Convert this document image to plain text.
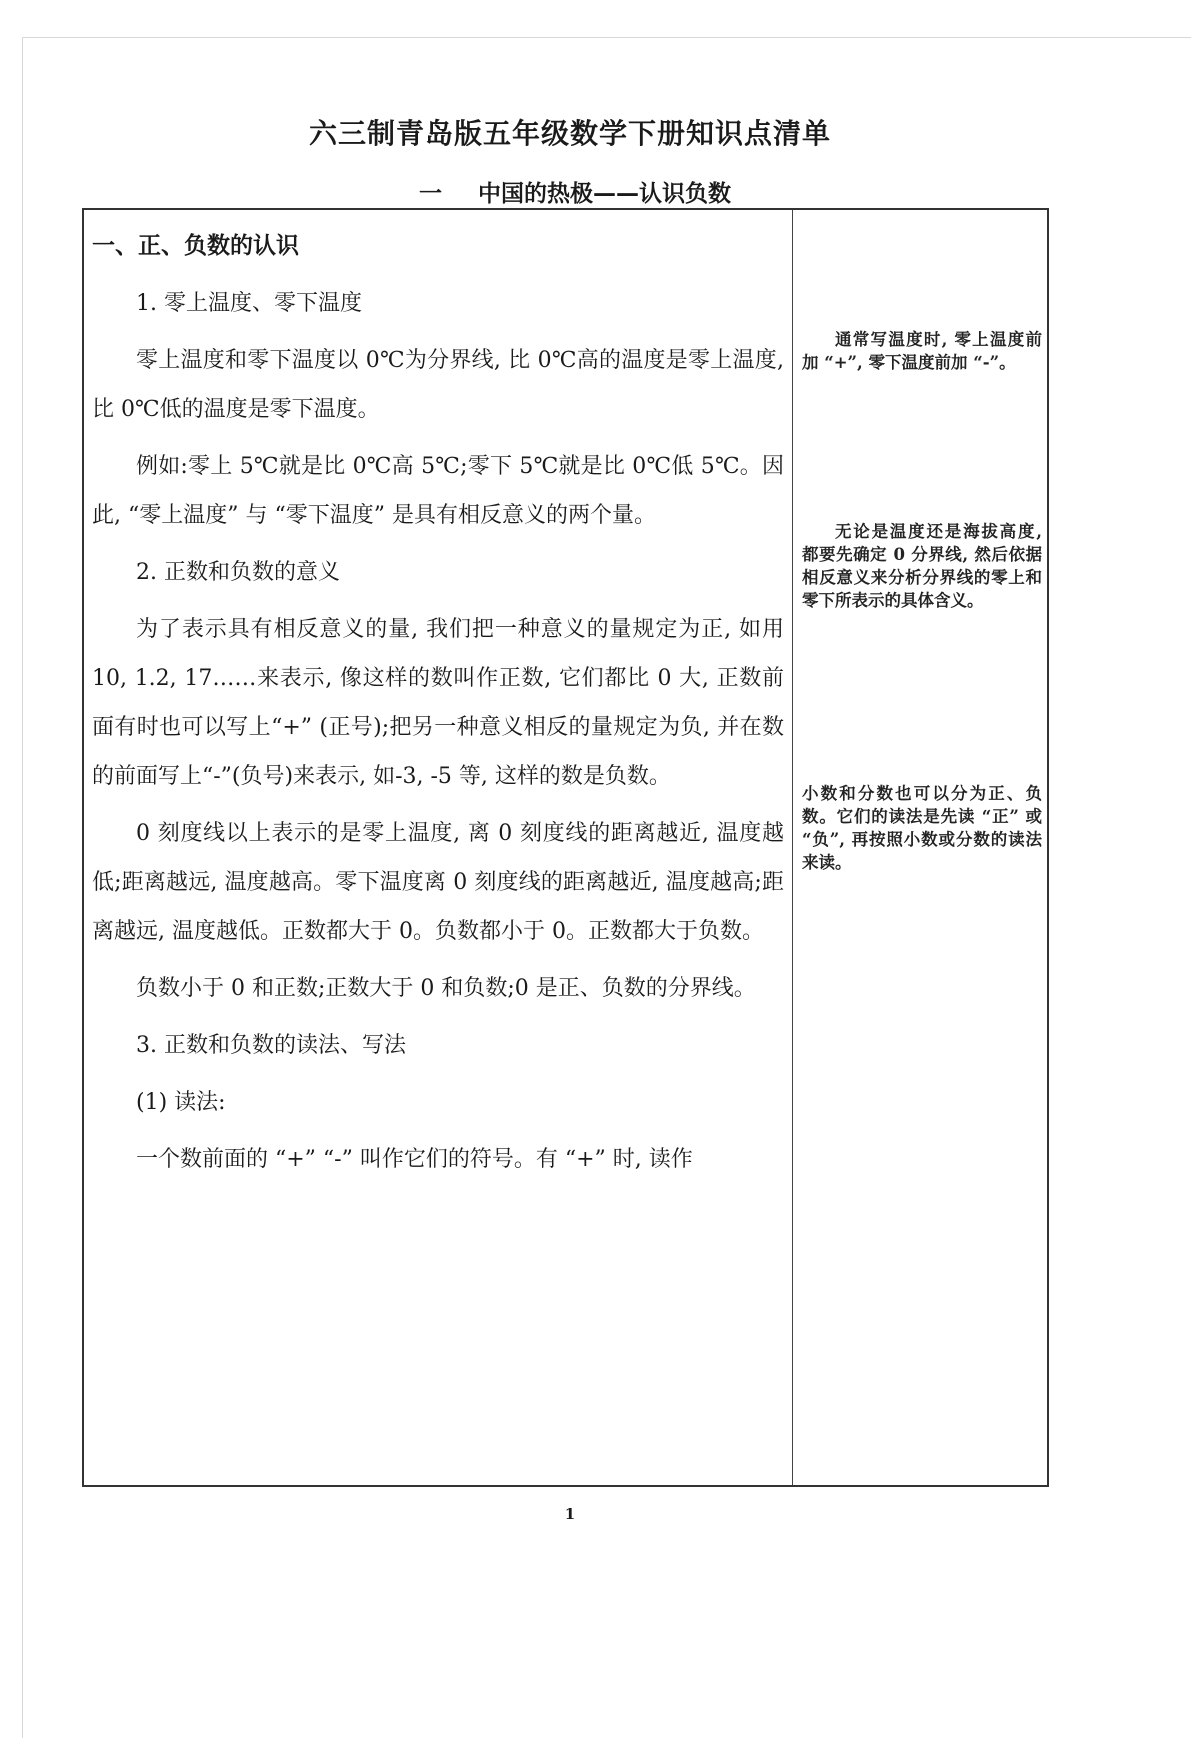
六三制青岛版五年级数学下册知识点清单
一 中国的热极——认识负数

一、正、负数的认识

1. 零上温度、零下温度

零上温度和零下温度以 0℃为分界线, 比 0℃高的温度是零上温度, 比 0℃低的温度是零下温度。

例如:零上 5℃就是比 0℃高 5℃;零下 5℃就是比 0℃低 5℃。因此, “零上温度” 与 “零下温度” 是具有相反意义的两个量。

2. 正数和负数的意义

为了表示具有相反意义的量, 我们把一种意义的量规定为正, 如用 10, 1.2, 17……来表示, 像这样的数叫作正数, 它们都比 0 大, 正数前面有时也可以写上“+” (正号);把另一种意义相反的量规定为负, 并在数的前面写上“-”(负号)来表示, 如-3, -5 等, 这样的数是负数。

0 刻度线以上表示的是零上温度, 离 0 刻度线的距离越近, 温度越低;距离越远, 温度越高。零下温度离 0 刻度线的距离越近, 温度越高;距离越远, 温度越低。正数都大于 0。负数都小于 0。正数都大于负数。

负数小于 0 和正数;正数大于 0 和负数;0 是正、负数的分界线。

3. 正数和负数的读法、写法

(1) 读法:

一个数前面的 “+” “-” 叫作它们的符号。有 “+” 时, 读作

通常写温度时, 零上温度前加 “+”, 零下温度前加 “-”。
无论是温度还是海拔高度, 都要先确定 0 分界线, 然后依据相反意义来分析分界线的零上和零下所表示的具体含义。
小数和分数也可以分为正、负数。它们的读法是先读 “正” 或 “负”, 再按照小数或分数的读法来读。
1
